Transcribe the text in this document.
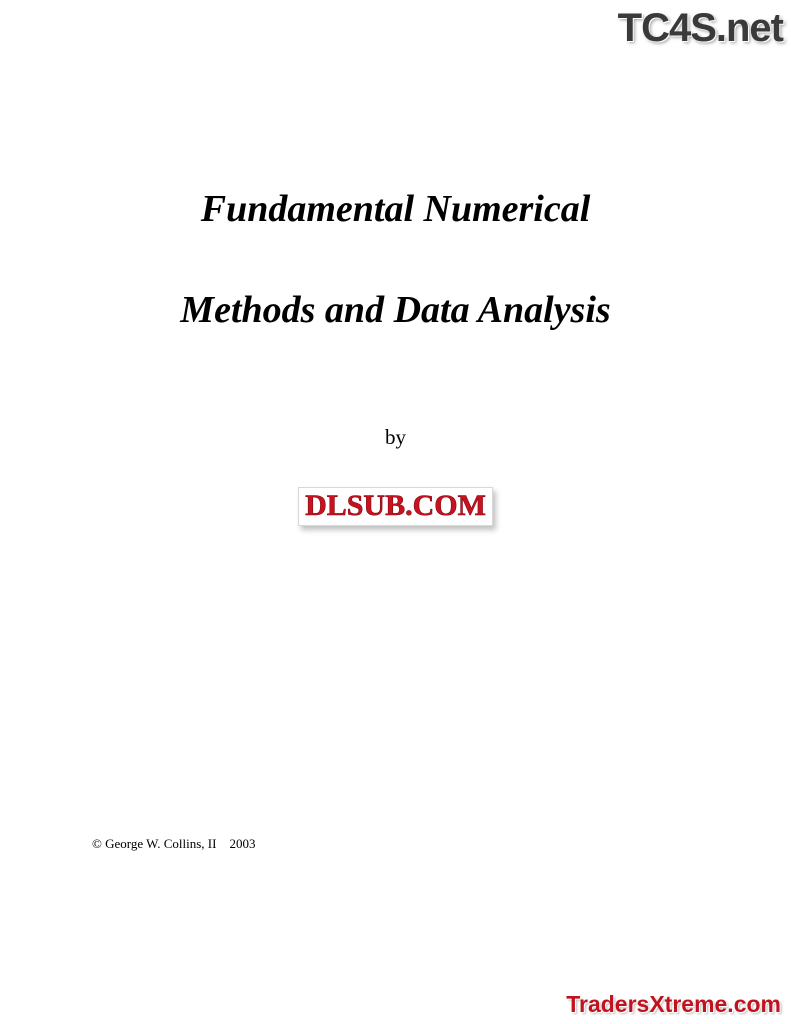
TC4S.net
Fundamental Numerical
Methods and Data Analysis
by
DLSUB.COM
© George W. Collins, II    2003
TradersXtreme.com
